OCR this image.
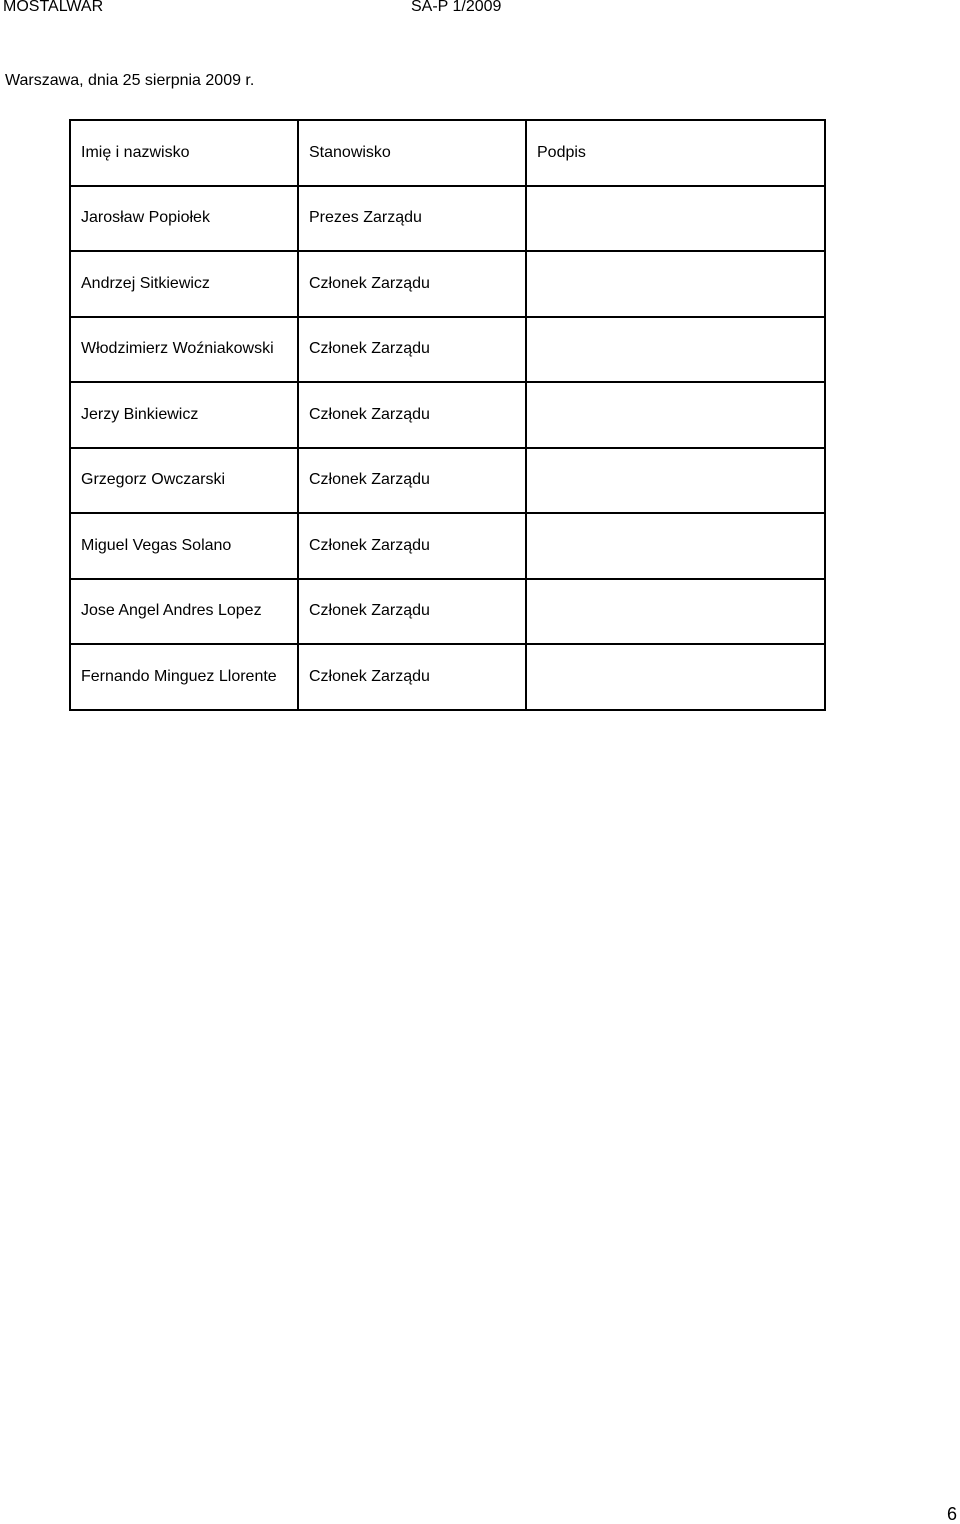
MOSTALWAR	SA-P 1/2009
Warszawa, dnia 25 sierpnia 2009 r.
Imię i nazwisko	Stanowisko	Podpis
Jarosław Popiołek	Prezes Zarządu	
Andrzej Sitkiewicz	Członek Zarządu	
Włodzimierz Woźniakowski	Członek Zarządu	
Jerzy Binkiewicz	Członek Zarządu	
Grzegorz Owczarski	Członek Zarządu	
Miguel Vegas Solano	Członek Zarządu	
Jose Angel Andres Lopez	Członek Zarządu	
Fernando Minguez Llorente	Członek Zarządu	
6
